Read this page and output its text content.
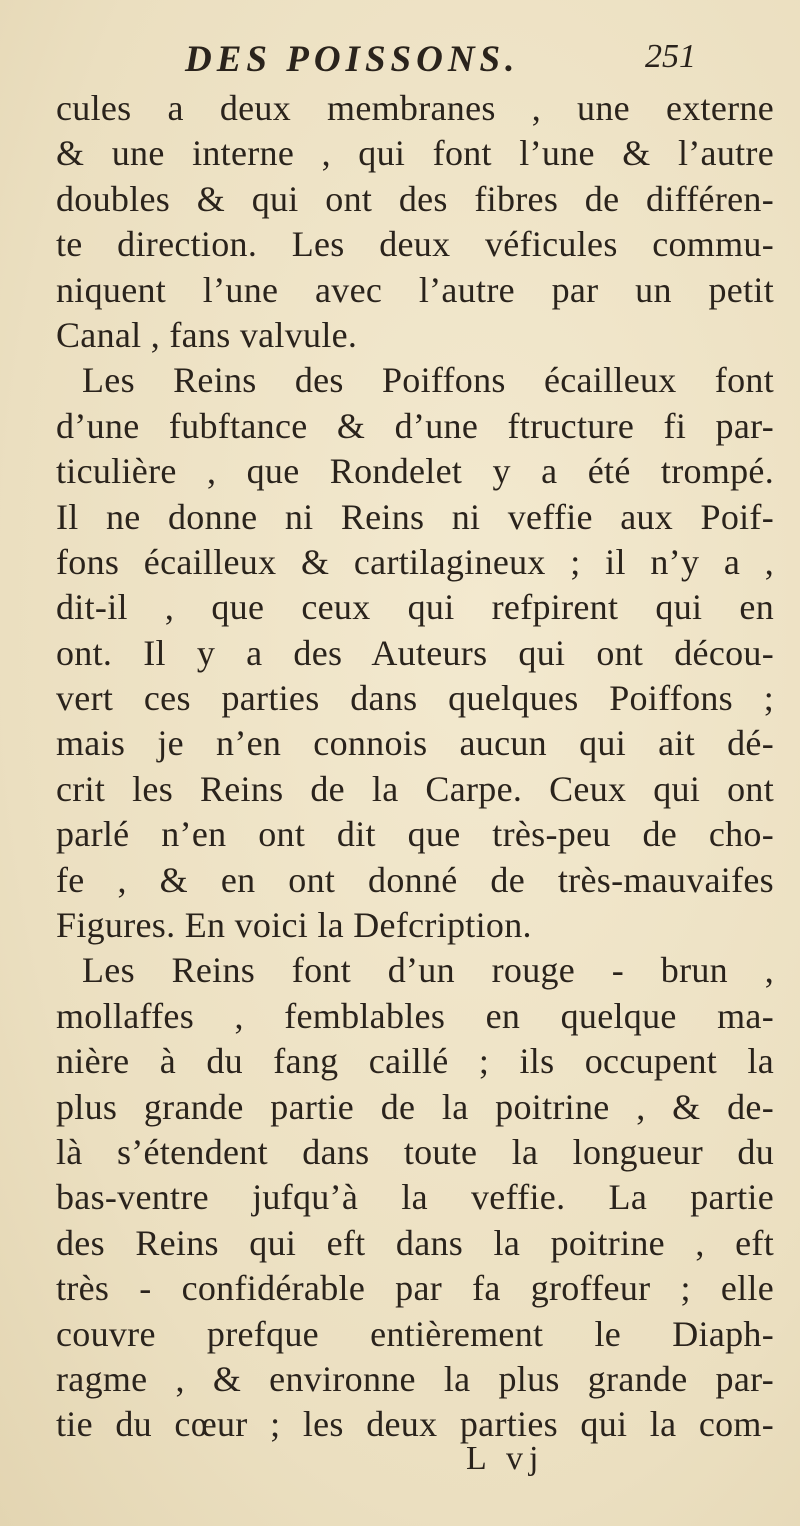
DES POISSONS.	251
cules a deux membranes , une externe
& une interne , qui font l’une & l’autre
doubles & qui ont des fibres de différen-
te direction. Les deux véficules commu-
niquent l’une avec l’autre par un petit
Canal , fans valvule.
Les Reins des Poiffons écailleux font
d’une fubftance & d’une ftructure fi par-
ticulière , que Rondelet y a été trompé.
Il ne donne ni Reins ni veffie aux Poif-
fons écailleux & cartilagineux ; il n’y a ,
dit-il , que ceux qui refpirent qui en
ont. Il y a des Auteurs qui ont décou-
vert ces parties dans quelques Poiffons ;
mais je n’en connois aucun qui ait dé-
crit les Reins de la Carpe. Ceux qui ont
parlé n’en ont dit que très-peu de cho-
fe , & en ont donné de très-mauvaifes
Figures. En voici la Defcription.
Les Reins font d’un rouge - brun ,
mollaffes , femblables en quelque ma-
nière à du fang caillé ; ils occupent la
plus grande partie de la poitrine , & de-
là s’étendent dans toute la longueur du
bas-ventre jufqu’à la veffie. La partie
des Reins qui eft dans la poitrine , eft
très - confidérable par fa groffeur ; elle
couvre prefque entièrement le Diaph-
ragme , & environne la plus grande par-
tie du cœur ; les deux parties qui la com-
L vj
